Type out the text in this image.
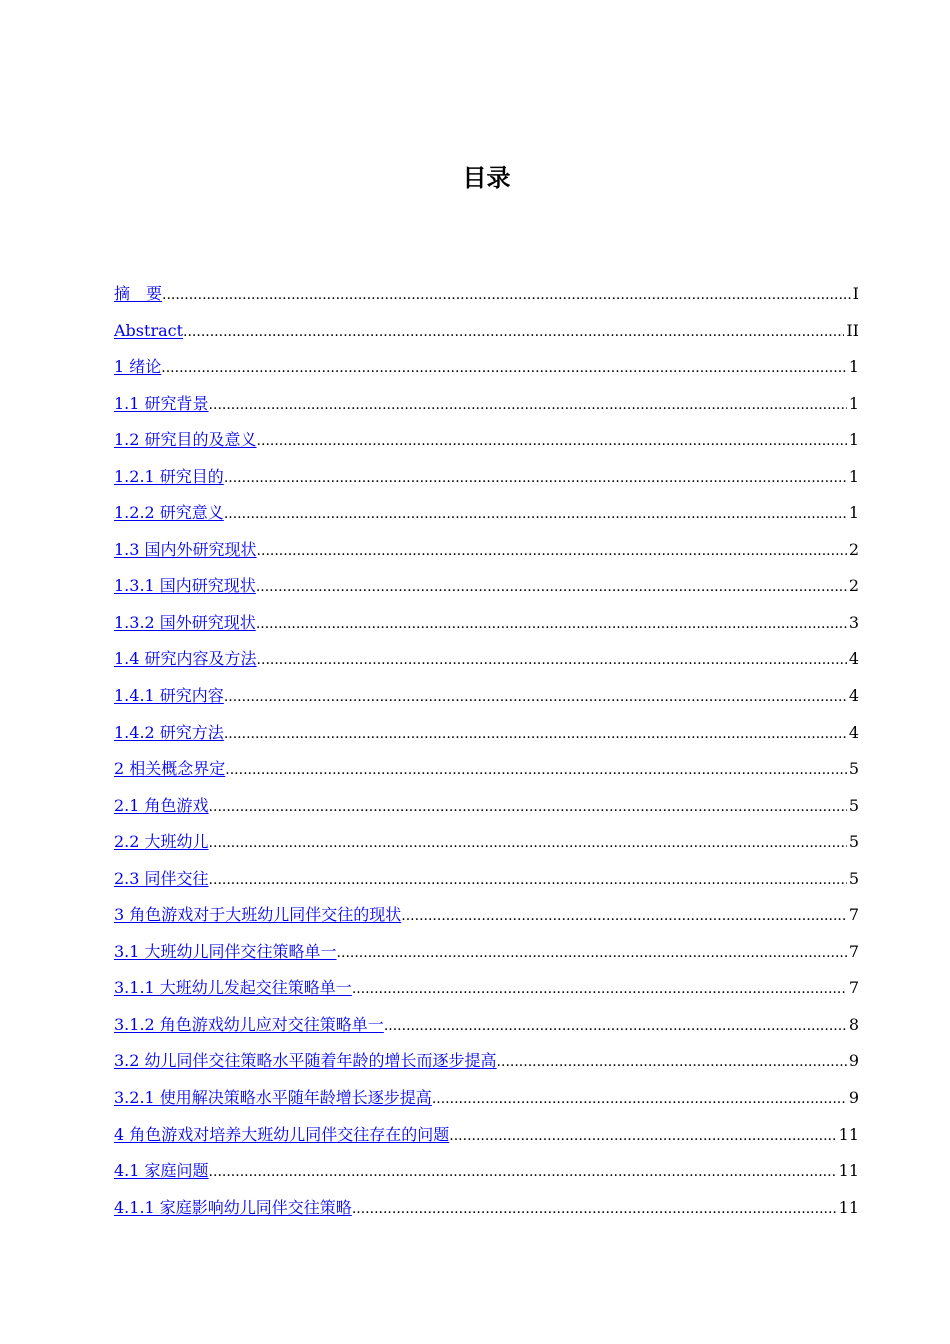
目录
摘　要 .....	I
Abstract .....	II
1 绪论 .....	1
1.1 研究背景 .....	1
1.2 研究目的及意义 .....	1
1.2.1 研究目的 .....	1
1.2.2 研究意义 .....	1
1.3 国内外研究现状 .....	2
1.3.1 国内研究现状 .....	2
1.3.2 国外研究现状 .....	3
1.4 研究内容及方法 .....	4
1.4.1 研究内容 .....	4
1.4.2 研究方法 .....	4
2 相关概念界定 .....	5
2.1 角色游戏 .....	5
2.2 大班幼儿 .....	5
2.3 同伴交往 .....	5
3 角色游戏对于大班幼儿同伴交往的现状 .....	7
3.1 大班幼儿同伴交往策略单一 .....	7
3.1.1 大班幼儿发起交往策略单一 .....	7
3.1.2 角色游戏幼儿应对交往策略单一 .....	8
3.2 幼儿同伴交往策略水平随着年龄的增长而逐步提高 .....	9
3.2.1 使用解决策略水平随年龄增长逐步提高 .....	9
4 角色游戏对培养大班幼儿同伴交往存在的问题 .....	11
4.1 家庭问题 .....	11
4.1.1 家庭影响幼儿同伴交往策略 .....	11
